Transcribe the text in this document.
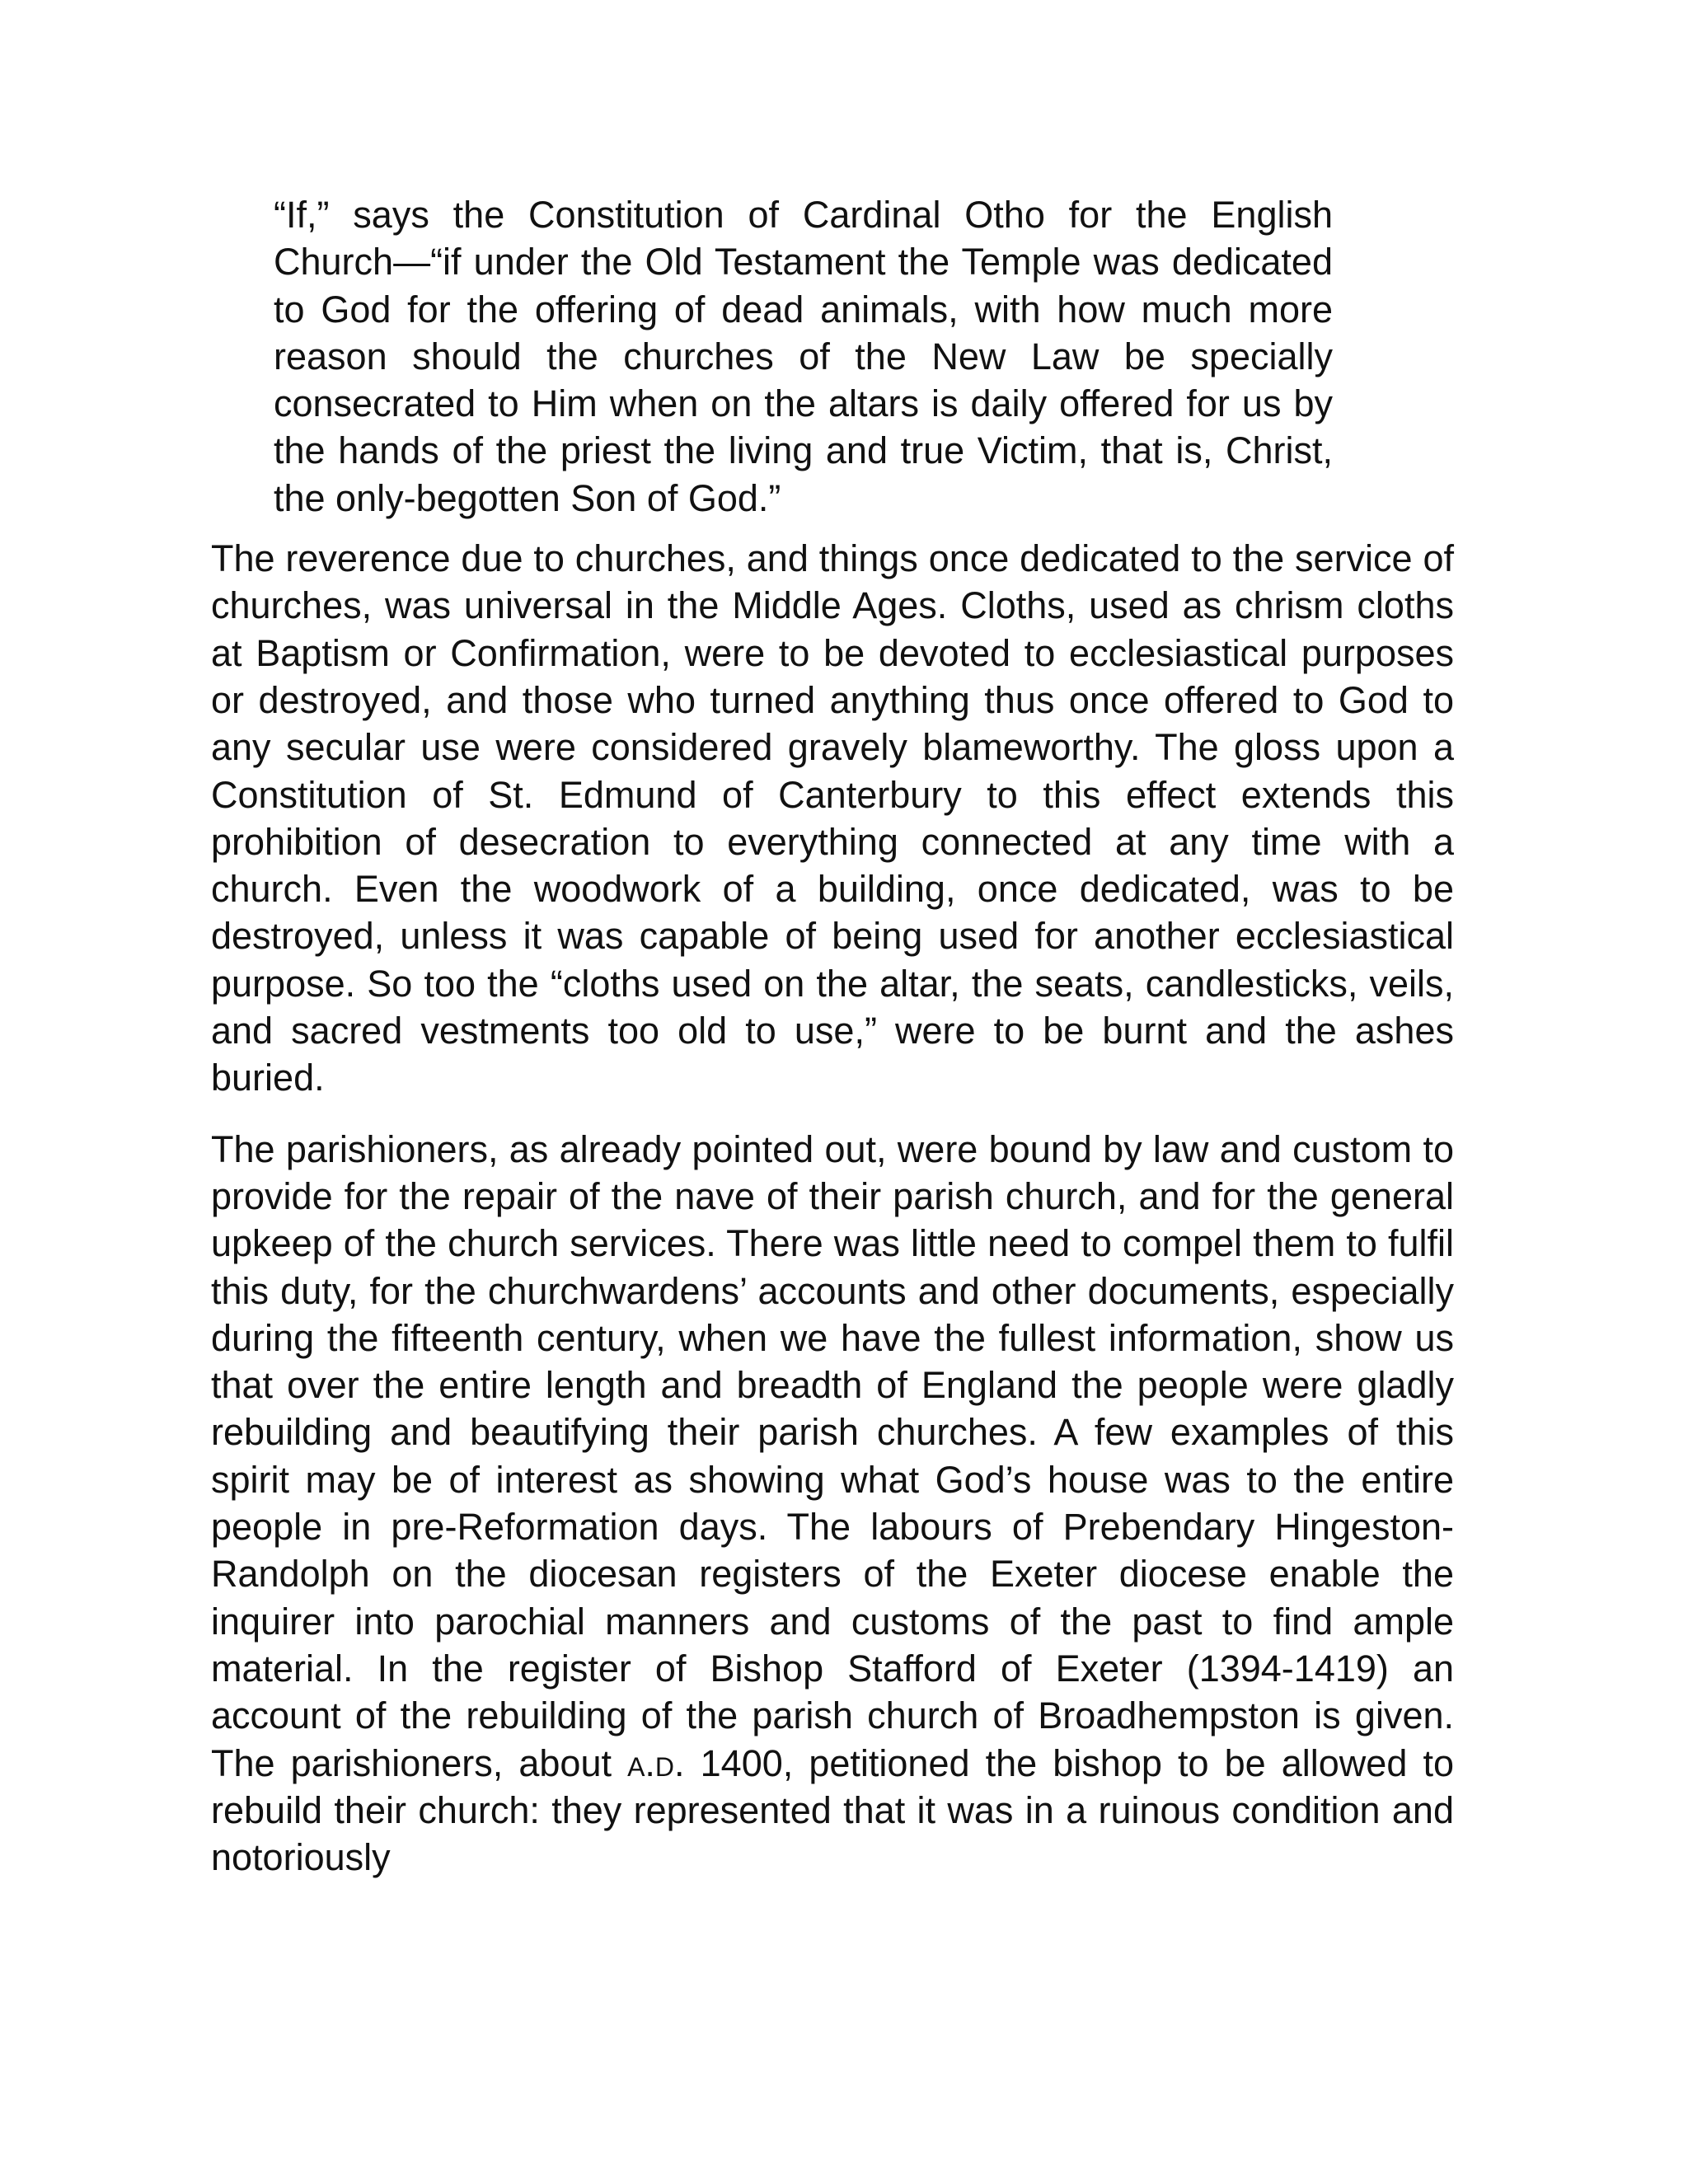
“If,” says the Constitution of Cardinal Otho for the English Church—“if under the Old Testament the Temple was dedicated to God for the offering of dead animals, with how much more reason should the churches of the New Law be specially consecrated to Him when on the altars is daily offered for us by the hands of the priest the living and true Victim, that is, Christ, the only-begotten Son of God.”

The reverence due to churches, and things once dedicated to the service of churches, was universal in the Middle Ages. Cloths, used as chrism cloths at Baptism or Confirmation, were to be devoted to ecclesiastical purposes or destroyed, and those who turned anything thus once offered to God to any secular use were considered gravely blameworthy. The gloss upon a Constitution of St. Edmund of Canterbury to this effect extends this prohibition of desecration to everything connected at any time with a church. Even the woodwork of a building, once dedicated, was to be destroyed, unless it was capable of being used for another ecclesiastical purpose. So too the “cloths used on the altar, the seats, candlesticks, veils, and sacred vestments too old to use,” were to be burnt and the ashes buried.

The parishioners, as already pointed out, were bound by law and custom to provide for the repair of the nave of their parish church, and for the general upkeep of the church services. There was little need to compel them to fulfil this duty, for the churchwardens’ accounts and other documents, especially during the fifteenth century, when we have the fullest information, show us that over the entire length and breadth of England the people were gladly rebuilding and beautifying their parish churches. A few examples of this spirit may be of interest as showing what God’s house was to the entire people in pre-Reformation days. The labours of Prebendary Hingeston-Randolph on the diocesan registers of the Exeter diocese enable the inquirer into parochial manners and customs of the past to find ample material. In the register of Bishop Stafford of Exeter (1394-1419) an account of the rebuilding of the parish church of Broadhempston is given. The parishioners, about a.d. 1400, petitioned the bishop to be allowed to rebuild their church: they represented that it was in a ruinous condition and notoriously
